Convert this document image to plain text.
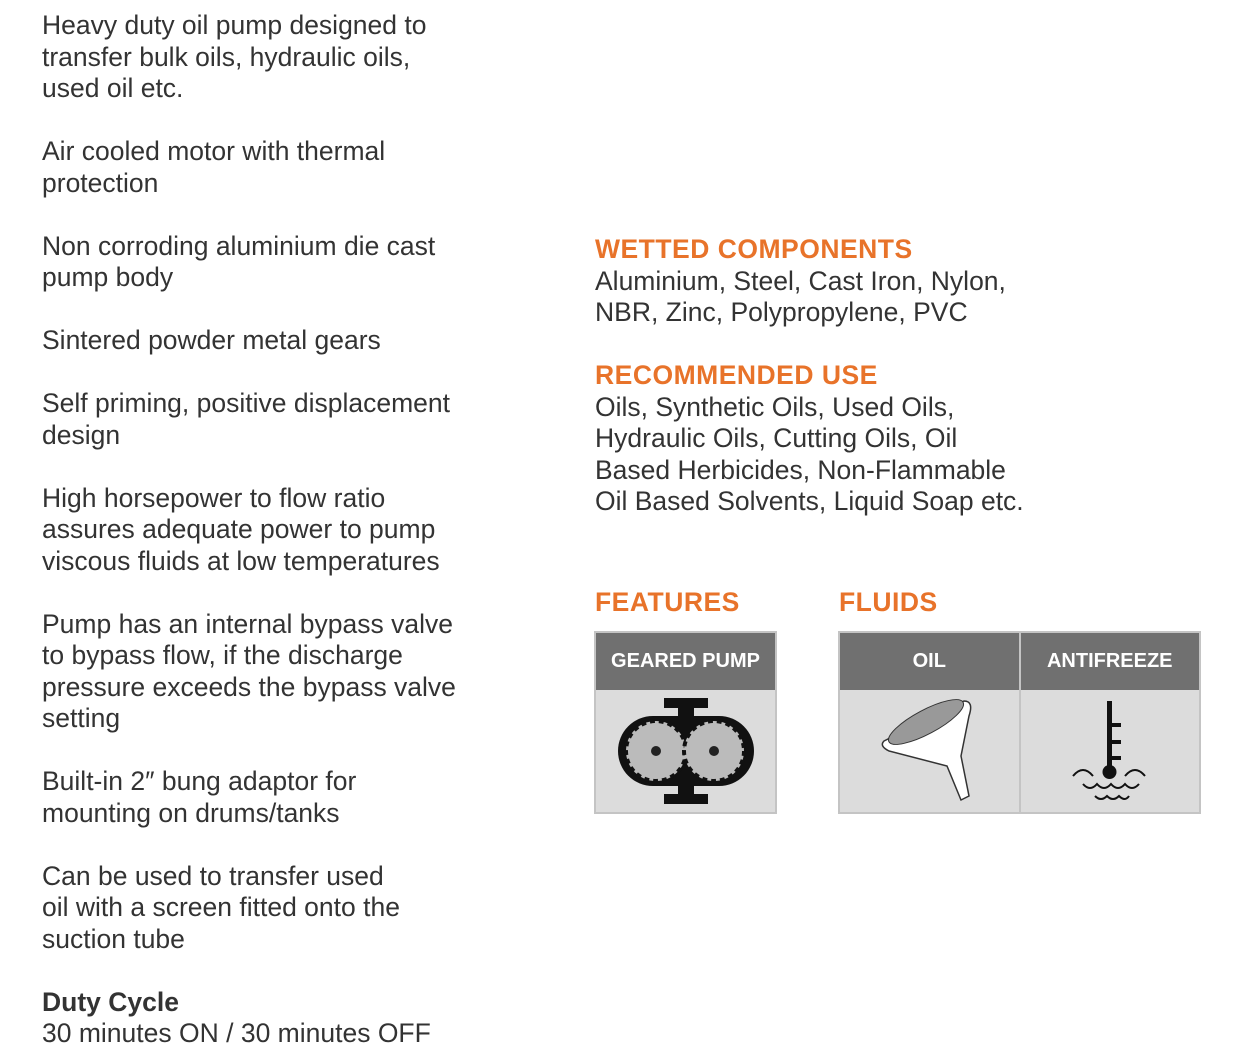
Heavy duty oil pump designed to
transfer bulk oils, hydraulic oils,
used oil etc.
Air cooled motor with thermal
protection
Non corroding aluminium die cast
pump body
Sintered powder metal gears
Self priming, positive displacement
design
High horsepower to flow ratio
assures adequate power to pump
viscous fluids at low temperatures
Pump has an internal bypass valve
to bypass flow, if the discharge
pressure exceeds the bypass valve
setting
Built-in 2″ bung adaptor for
mounting on drums/tanks
Can be used to transfer used
oil with a screen fitted onto the
suction tube
Duty Cycle
30 minutes ON / 30 minutes OFF
WETTED COMPONENTS
Aluminium, Steel, Cast Iron, Nylon,
NBR, Zinc, Polypropylene, PVC
RECOMMENDED USE
Oils, Synthetic Oils, Used Oils,
Hydraulic Oils, Cutting Oils, Oil
Based Herbicides, Non-Flammable
Oil Based Solvents, Liquid Soap etc.
FEATURES	FLUIDS
GEARED PUMP	OIL	ANTIFREEZE
